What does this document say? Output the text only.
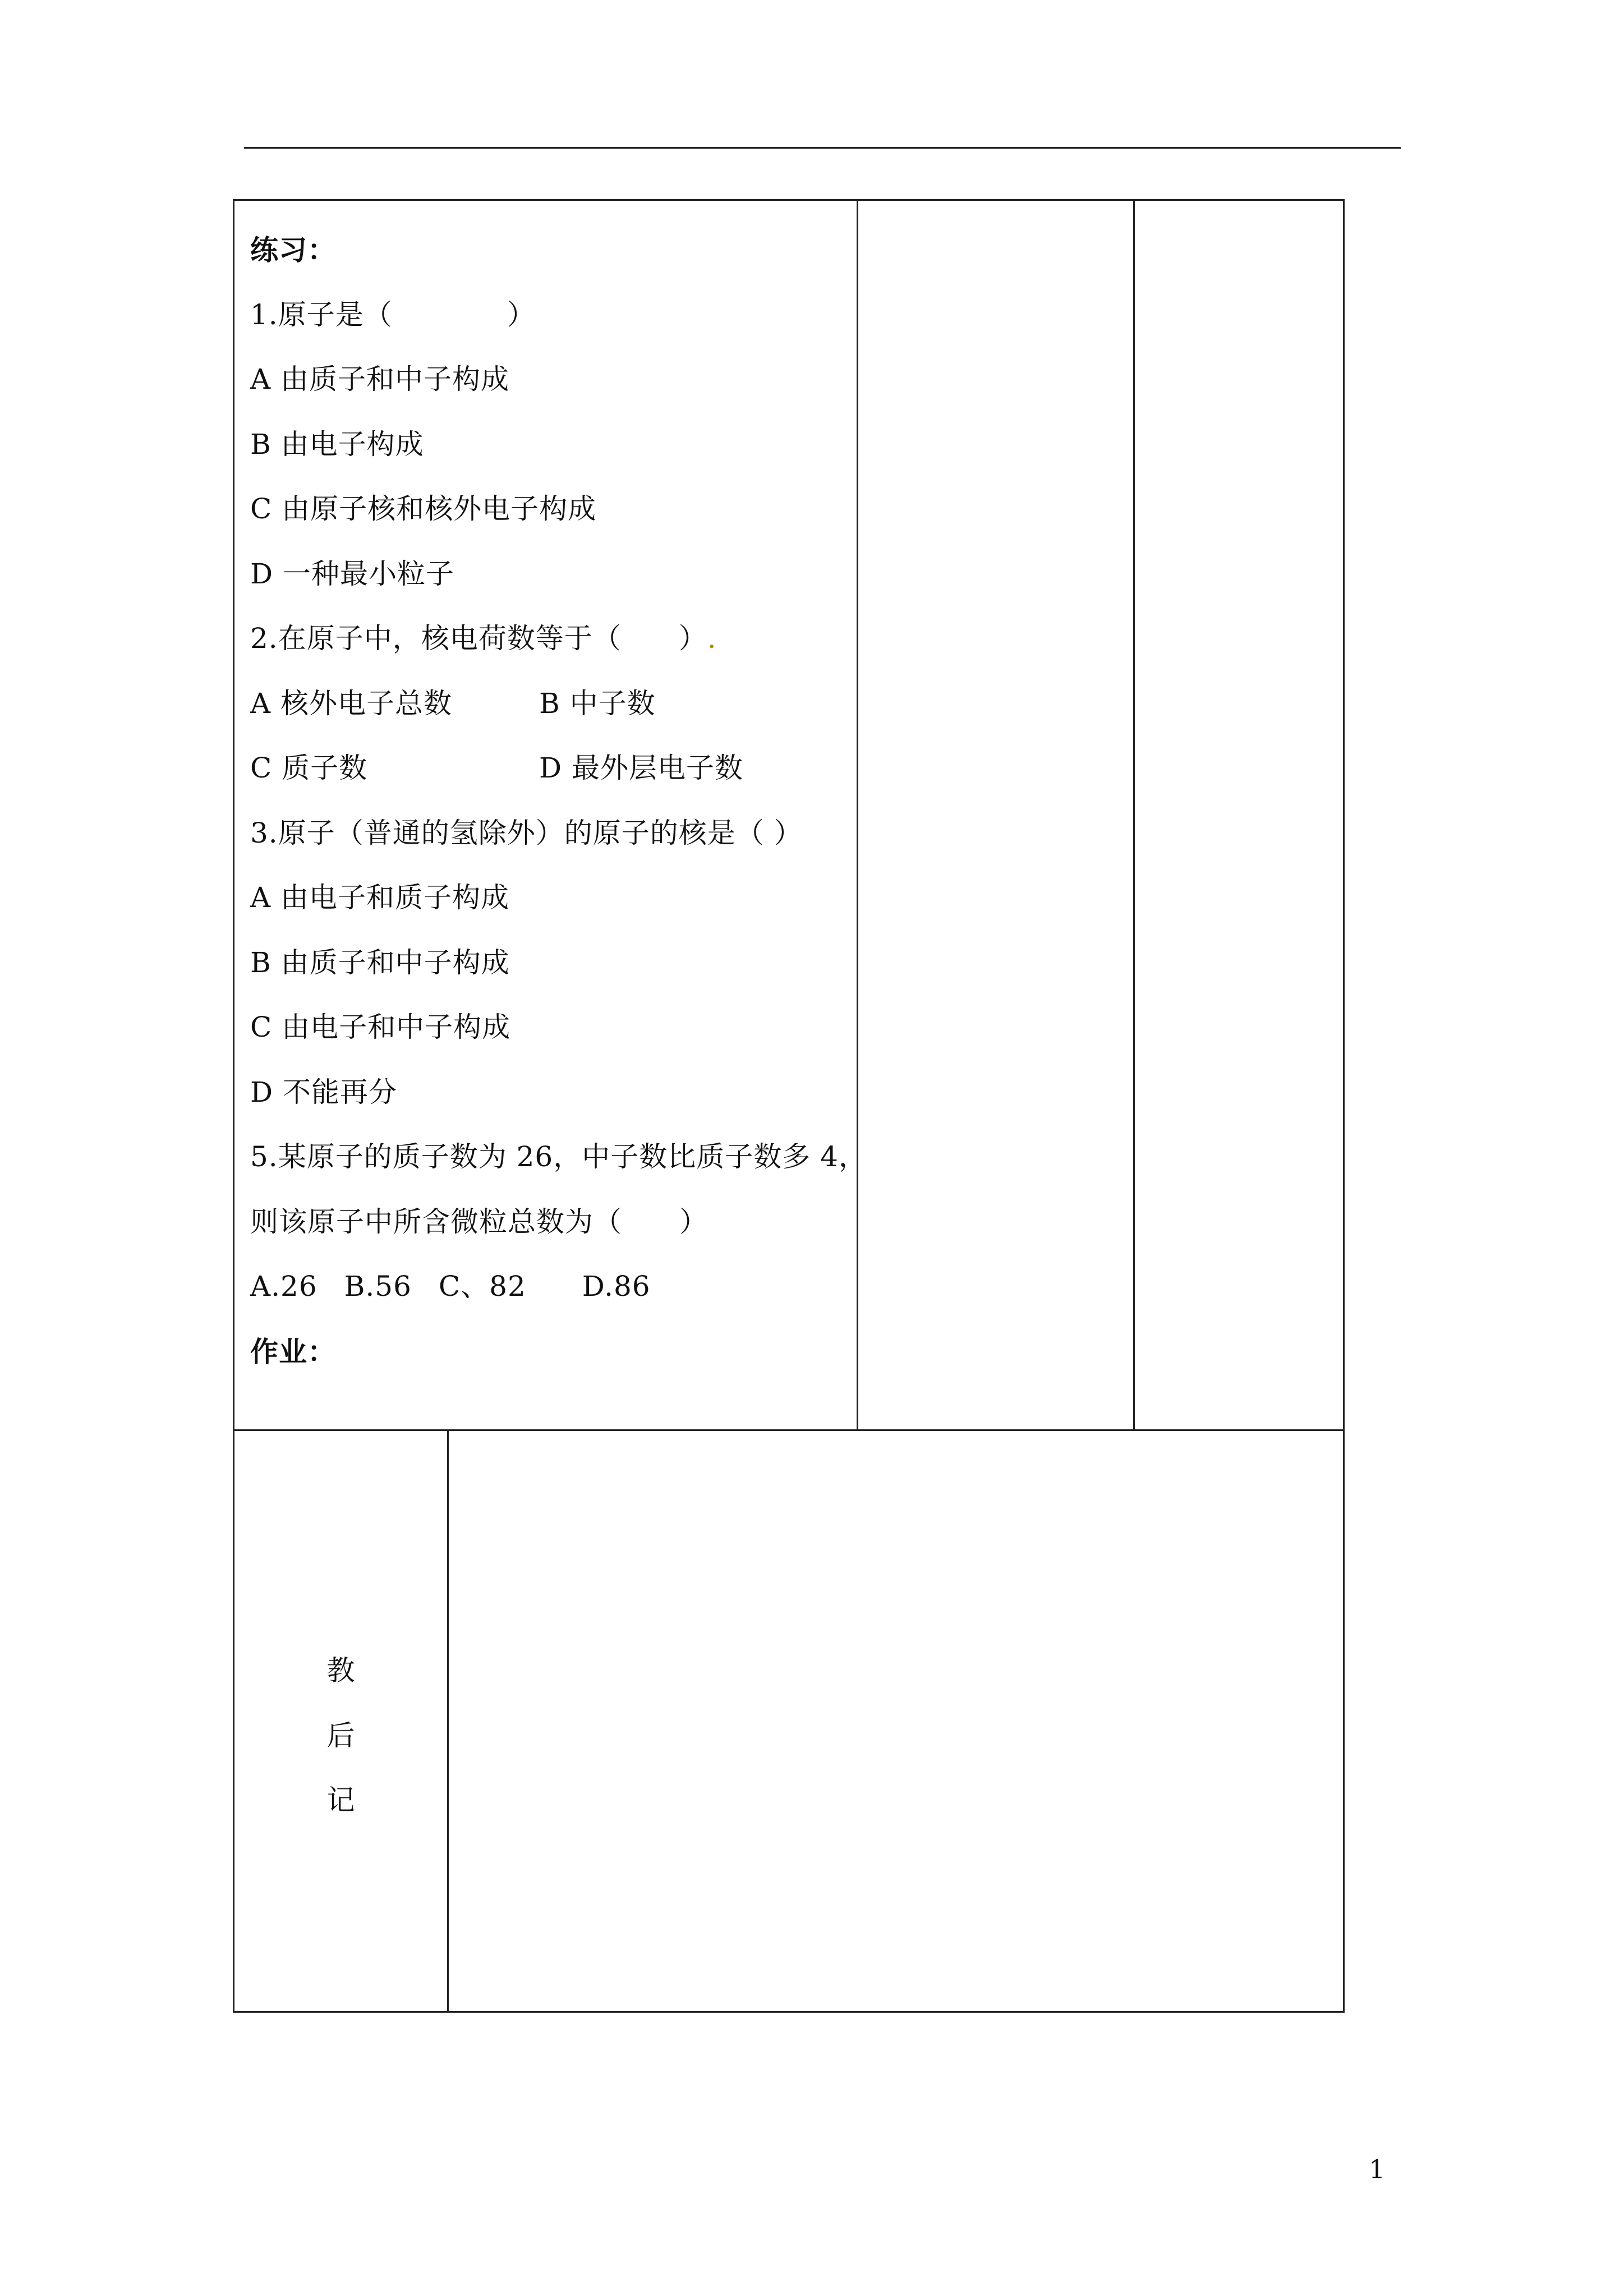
练习：
1.原子是（　　　　）
A 由质子和中子构成
B 由电子构成
C 由原子核和核外电子构成
D 一种最小粒子
2.在原子中，核电荷数等于（　　）.
A 核外电子总数	B 中子数
C 质子数	D 最外层电子数
3.原子（普通的氢除外）的原子的核是（ ）
A 由电子和质子构成
B 由质子和中子构成
C 由电子和中子构成
D 不能再分
5.某原子的质子数为 26，中子数比质子数多 4，
则该原子中所含微粒总数为（　　）
A.26 B.56 C、82 D.86
作业：
教
后
记
1
